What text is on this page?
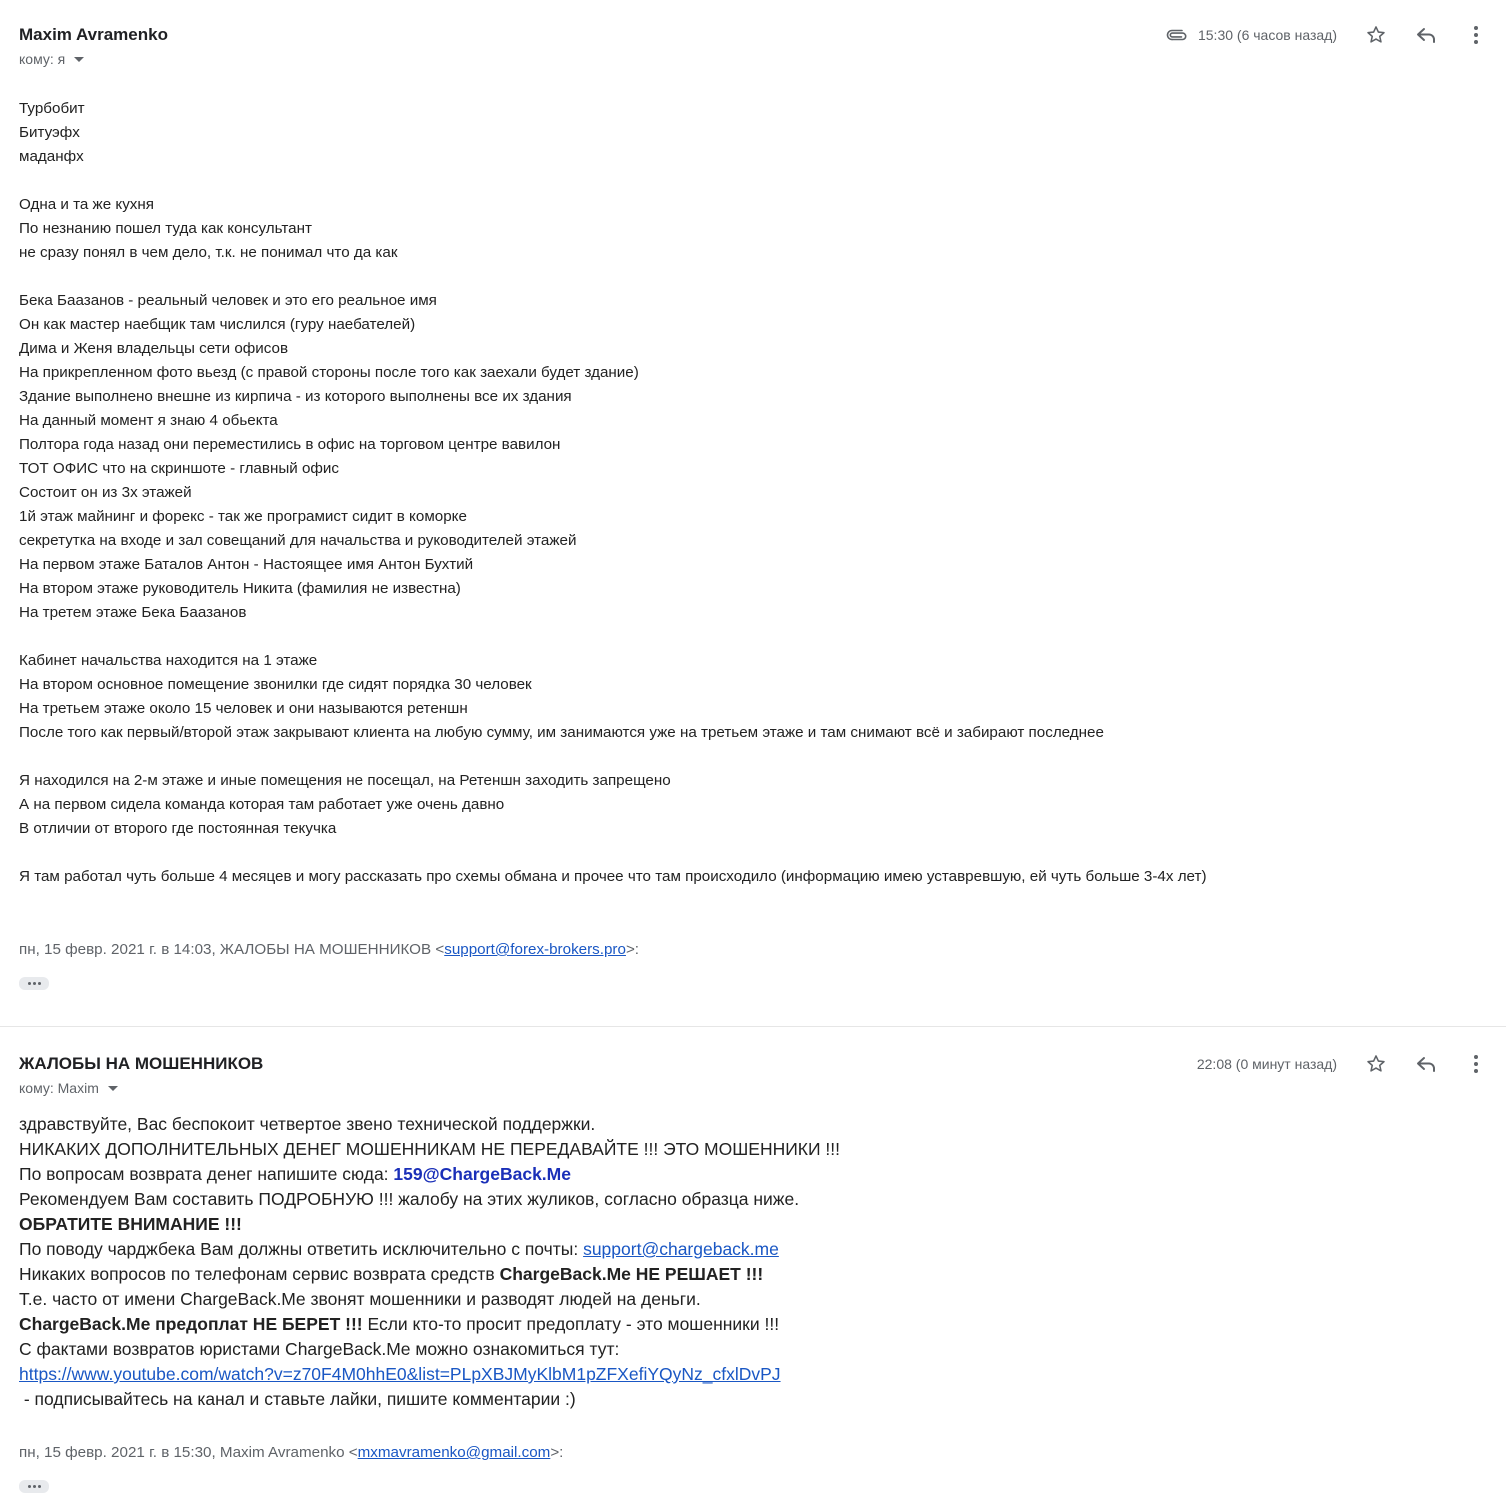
Maxim Avramenko
кому: я
15:30 (6 часов назад)
Турбобит
Битуэфх
маданфх
Одна и та же кухня
По незнанию пошел туда как консультант
не сразу понял в чем дело, т.к. не понимал что да как
Бека Баазанов - реальный человек и это его реальное имя
Он как мастер наебщик там числился (гуру наебателей)
Дима и Женя владельцы сети офисов
На прикрепленном фото вьезд (с правой стороны после того как заехали будет здание)
Здание выполнено внешне из кирпича - из которого выполнены все их здания
На данный момент я знаю 4 обьекта
Полтора года назад они переместились в офис на торговом центре вавилон
ТОТ ОФИС что на скриншоте - главный офис
Состоит он из 3х этажей
1й этаж майнинг и форекс - так же програмист сидит в коморке
секретутка на входе и зал совещаний для начальства и руководителей этажей
На первом этаже Баталов Антон - Настоящее имя Антон Бухтий
На втором этаже руководитель Никита (фамилия не известна)
На третем этаже Бека Баазанов
Кабинет начальства находится на 1 этаже
На втором основное помещение звонилки где сидят порядка 30 человек
На третьем этаже около 15 человек и они называются ретеншн
После того как первый/второй этаж закрывают клиента на любую сумму, им занимаются уже на третьем этаже и там снимают всё и забирают последнее
Я находился на 2-м этаже и иные помещения не посещал, на Ретеншн заходить запрещено
А на первом сидела команда которая там работает уже очень давно
В отличии от второго где постоянная текучка
Я там работал чуть больше 4 месяцев и могу рассказать про схемы обмана и прочее что там происходило (информацию имею уставревшую, ей чуть больше 3-4х лет)
пн, 15 февр. 2021 г. в 14:03, ЖАЛОБЫ НА МОШЕННИКОВ <support@forex-brokers.pro>:
ЖАЛОБЫ НА МОШЕННИКОВ
кому: Maxim
22:08 (0 минут назад)
здравствуйте, Вас беспокоит четвертое звено технической поддержки.
НИКАКИХ ДОПОЛНИТЕЛЬНЫХ ДЕНЕГ МОШЕННИКАМ НЕ ПЕРЕДАВАЙТЕ !!! ЭТО МОШЕННИКИ !!!
По вопросам возврата денег напишите сюда: 159@ChargeBack.Me
Рекомендуем Вам составить ПОДРОБНУЮ !!! жалобу на этих жуликов, согласно образца ниже.
ОБРАТИТЕ ВНИМАНИЕ !!!
По поводу чарджбека Вам должны ответить исключительно с почты: support@chargeback.me
Никаких вопросов по телефонам сервис возврата средств ChargeBack.Me НЕ РЕШАЕТ !!!
Т.е. часто от имени ChargeBack.Me звонят мошенники и разводят людей на деньги.
ChargeBack.Me предоплат НЕ БЕРЕТ !!! Если кто-то просит предоплату - это мошенники !!!
С фактами возвратов юристами ChargeBack.Me можно ознакомиться тут:
https://www.youtube.com/watch?v=z70F4M0hhE0&list=PLpXBJMyKlbM1pZFXefiYQyNz_cfxlDvPJ
- подписывайтесь на канал и ставьте лайки, пишите комментарии :)
пн, 15 февр. 2021 г. в 15:30, Maxim Avramenko <mxmavramenko@gmail.com>:
